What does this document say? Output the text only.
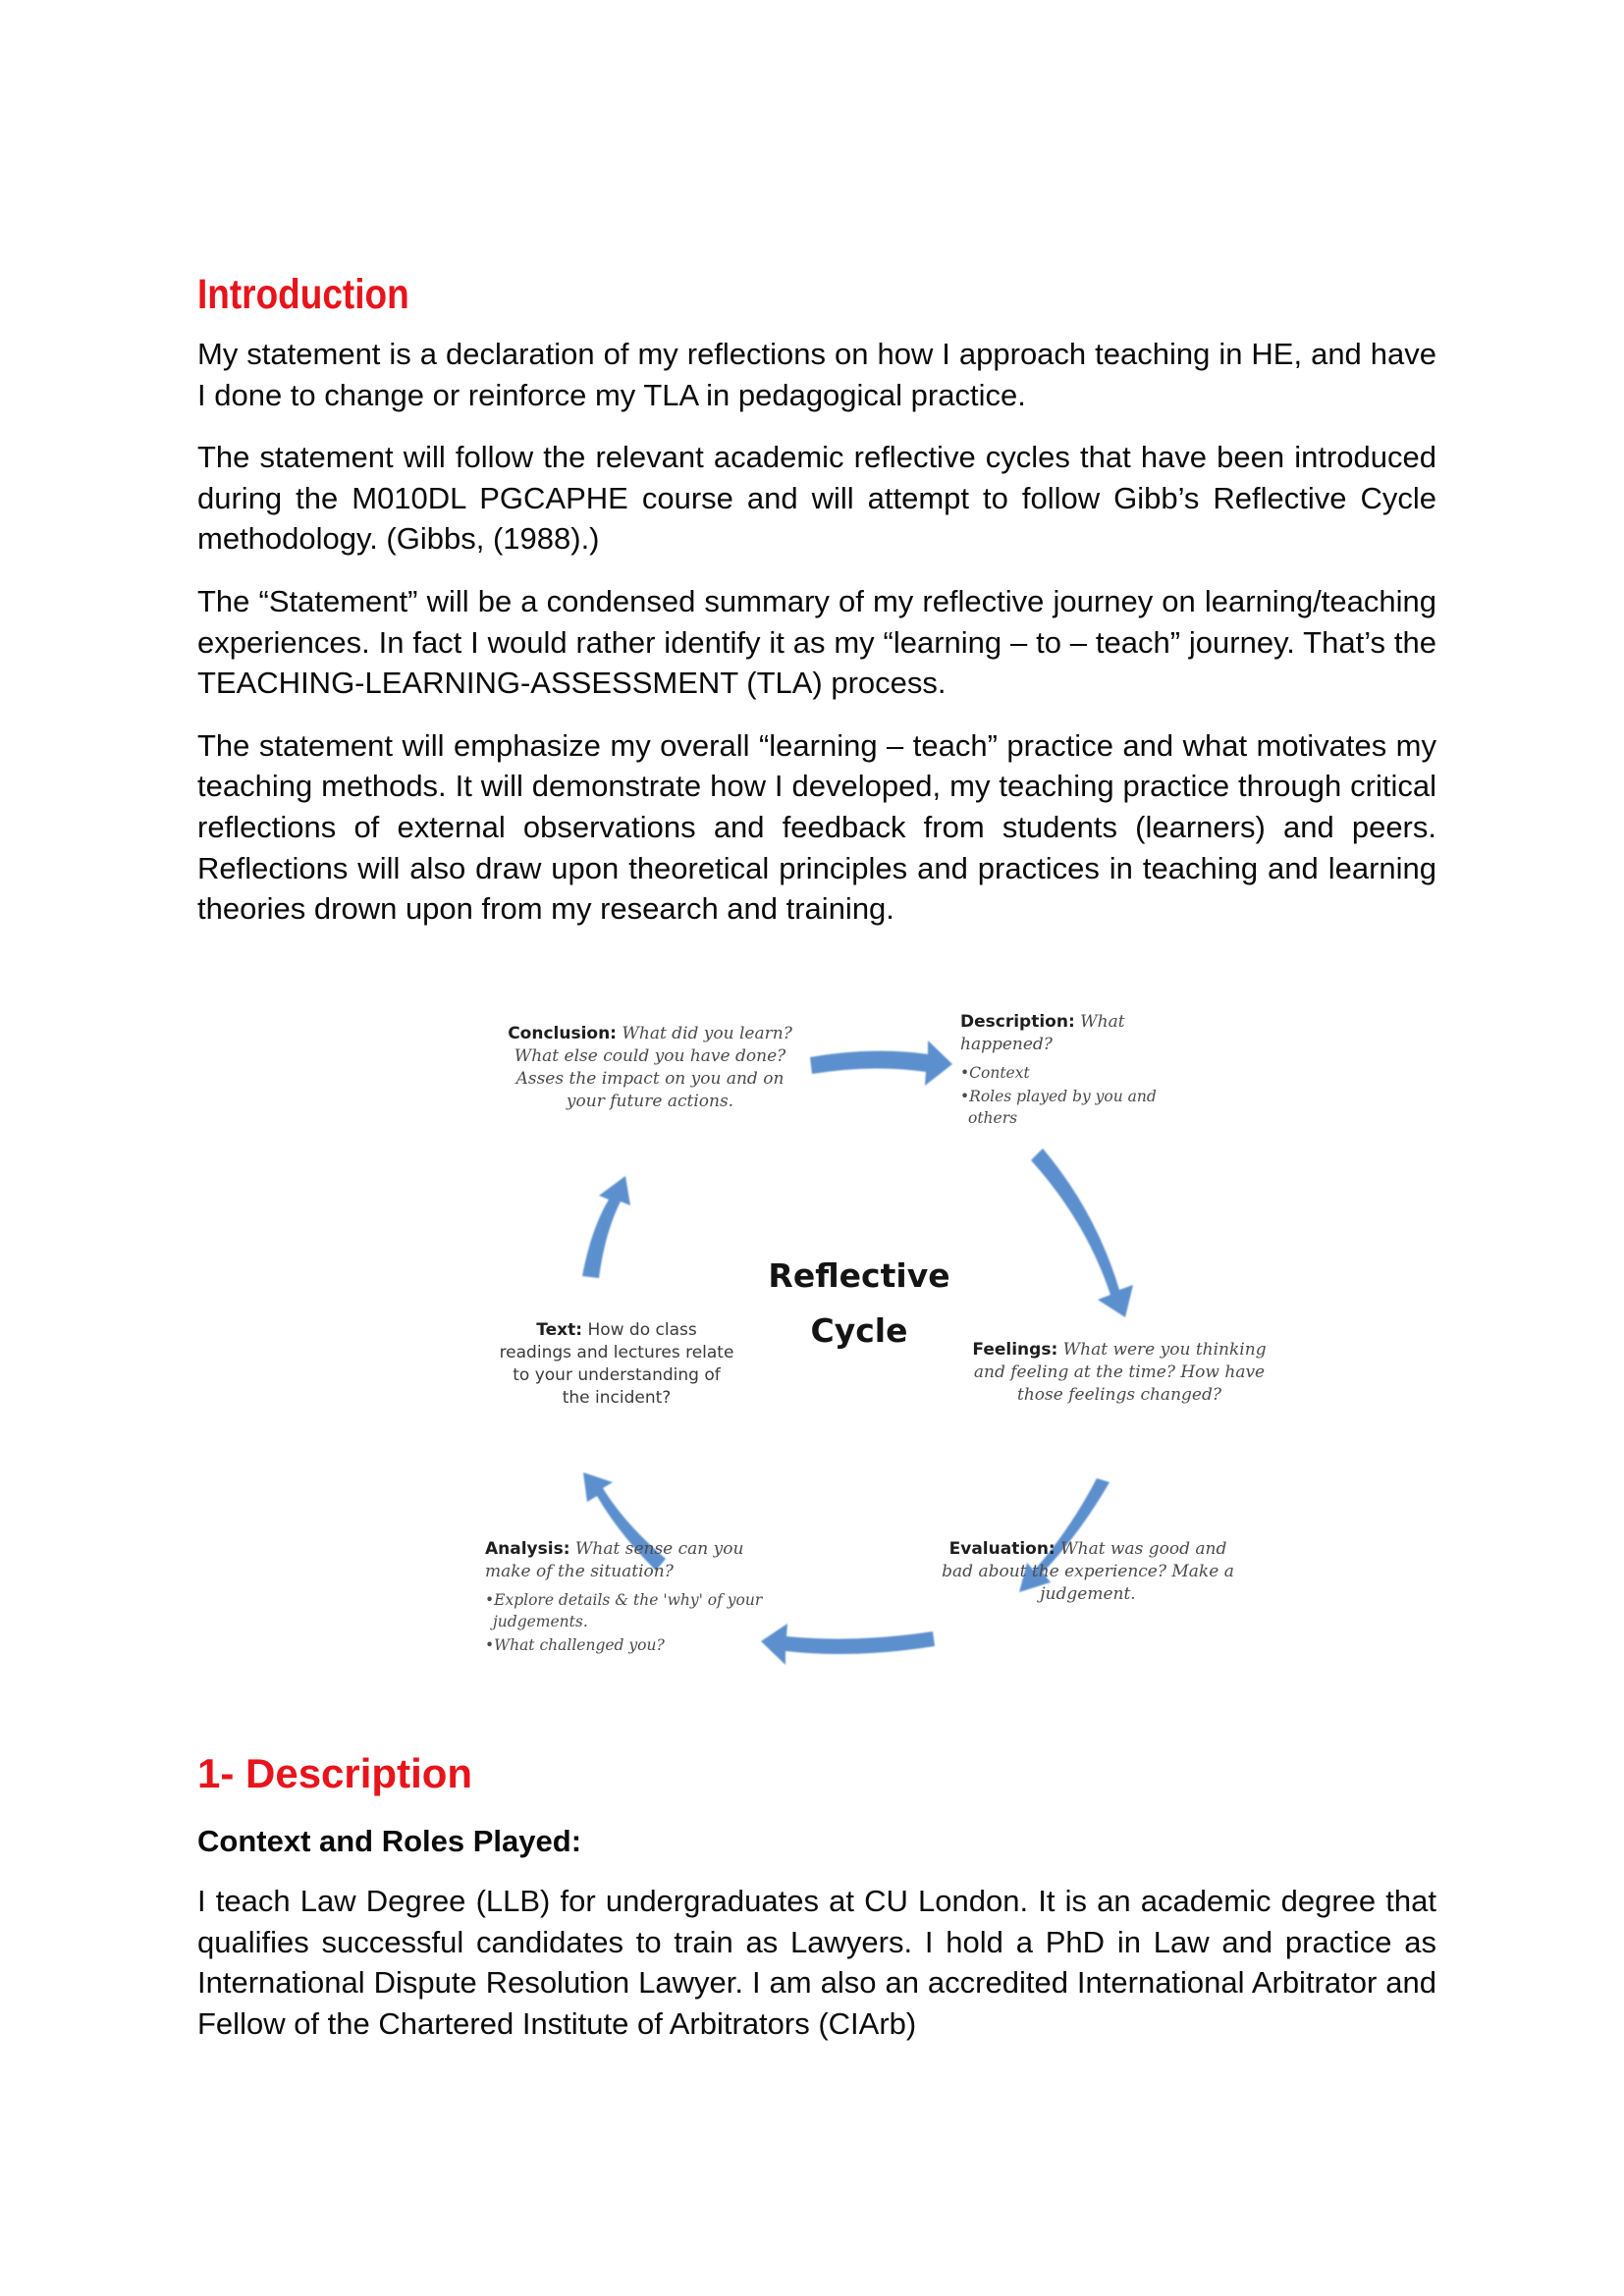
Introduction

My statement is a declaration of my reflections on how I approach teaching in HE, and have I done to change or reinforce my TLA in pedagogical practice.

The statement will follow the relevant academic reflective cycles that have been introduced during the M010DL PGCAPHE course and will attempt to follow Gibb’s Reflective Cycle methodology. (Gibbs, (1988).)

The “Statement” will be a condensed summary of my reflective journey on learning/teaching experiences. In fact I would rather identify it as my “learning – to – teach” journey. That’s the TEACHING-LEARNING-ASSESSMENT (TLA) process.

The statement will emphasize my overall “learning – teach” practice and what motivates my teaching methods. It will demonstrate how I developed, my teaching practice through critical reflections of external observations and feedback from students (learners) and peers. Reflections will also draw upon theoretical principles and practices in teaching and learning theories drown upon from my research and training.

Conclusion: What did you learn? What else could you have done? Asses the impact on you and on your future actions.
Description: What happened?
•Context
•Roles played by you and others
Reflective
Cycle
Text: How do class readings and lectures relate to your understanding of the incident?
Feelings: What were you thinking and feeling at the time? How have those feelings changed?
Analysis: What sense can you make of the situation?
•Explore details & the 'why' of your judgements.
•What challenged you?
Evaluation: What was good and bad about the experience? Make a judgement.
1- Description
Context and Roles Played:

I teach Law Degree (LLB) for undergraduates at CU London. It is an academic degree that qualifies successful candidates to train as Lawyers. I hold a PhD in Law and practice as International Dispute Resolution Lawyer. I am also an accredited International Arbitrator and Fellow of the Chartered Institute of Arbitrators (CIArb)
